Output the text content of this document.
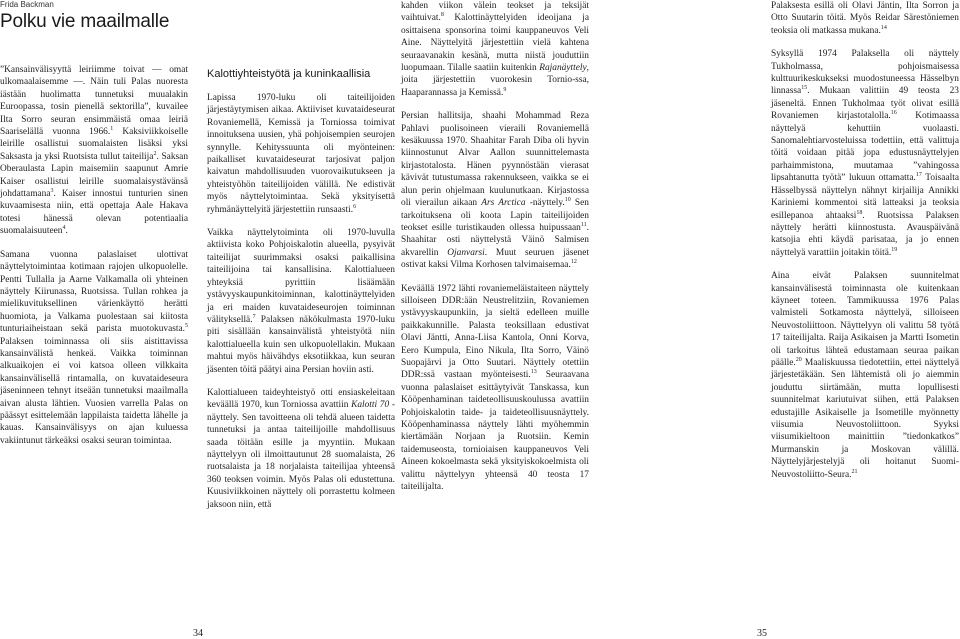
Frida Backman
Polku vie maailmalle

”Kansainvälisyyttä leiriimme toivat ― omat ulkomaalaisemme ―. Näin tuli Palas nuoresta iästään huolimatta tunnetuksi muualakin Euroopassa, tosin pienellä sektorilla”, kuvailee Ilta Sorro seuran ensimmäistä omaa leiriä Saariselällä vuonna 1966.$^1$ Kaksiviikkoiselle leirille osallistui suomalaisten lisäksi yksi Saksasta ja yksi Ruotsista tullut taiteilija$^2$. Saksan Oberaulasta Lapin maisemiin saapunut Amrie Kaiser osallistui leirille suomalaisystävänsä johdattamana$^3$. Kaiser innostui tunturien sinen kuvaamisesta niin, että opettaja Aale Hakava totesi hänessä olevan potentiaalia suomalaisuuteen$^4$.

Samana vuonna palaslaiset ulottivat näyttelytoimintaa kotimaan rajojen ulkopuolelle. Pentti Tullalla ja Aarne Valkamalla oli yhteinen näyttely Kiirunassa, Ruotsissa. Tullan rohkea ja mielikuvituksellinen värienkäyttö herätti huomiota, ja Valkama puolestaan sai kiitosta tunturiaiheistaan sekä parista muotokuvasta.$^5$ Palaksen toiminnassa oli siis aistittavissa kansainvälistä henkeä. Vaikka toiminnan alkuaikojen ei voi katsoa olleen vilkkaita kansainvälisellä rintamalla, on kuvataideseura jäseninneen tehnyt itseään tunnetuksi maailmalla aivan alusta lähtien. Vuosien varrella Palas on päässyt esittelemään lappilaista taidetta lähelle ja kauas. Kansainvälisyys on ajan kuluessa vakiintunut tärkeäksi osaksi seuran toimintaa.

Kalottiyhteistyötä ja kuninkaallisia

Lapissa 1970-luku oli taiteilijoiden järjestäytymisen aikaa. Aktiiviset kuvataideseurat Rovaniemellä, Kemissä ja Torniossa toimivat innoituksena uusien, yhä pohjoisempien seurojen synnylle. Kehityssuunta oli myönteinen: paikalliset kuvataideseurat tarjosivat paljon kaivatun mahdollisuuden vuorovaikutukseen ja yhteistyöhön taiteilijoiden välillä. Ne edistivät myös näyttelytoimintaa. Sekä yksityisettä ryhmänäyttelyitä järjestettiin runsaasti.$^6$

Vaikka näyttelytoiminta oli 1970-luvulla aktiivista koko Pohjoiskalotin alueella, pysyivät taiteilijat suurimmaksi osaksi paikallisina taiteilijoina tai kansallisina. Kalottialueen yhteyksiä pyrittiin lisäämään ystävyyskaupunkitoiminnan, kalottinäyttelyiden ja eri maiden kuvataideseurojen toiminnan välityksellä.$^7$ Palaksen näkökulmasta 1970-luku piti sisällään kansainvälistä yhteistyötä niin kalottialueella kuin sen ulkopuolellakin. Mukaan mahtui myös häivähdys eksotiikkaa, kun seuran jäsenten töitä päätyi aina Persian hoviin asti.

Kalottialueen taideyhteistyö otti ensiaskeleitaan keväällä 1970, kun Torniossa avattiin Kalotti 70 -näyttely. Sen tavoitteena oli tehdä alueen taidetta tunnetuksi ja antaa taiteilijoille mahdollisuus saada töitään esille ja myyntiin. Mukaan näyttelyyn oli ilmoittautunut 28 suomalaista, 26 ruotsalaista ja 18 norjalaista taiteilijaa yhteensä 360 teoksen voimin. Myös Palas oli edustettuna. Kuusiviikkoinen näyttely oli porrastettu kolmeen jaksoon niin, että

kahden viikon välein teokset ja teksijät vaihtuivat.$^8$ Kalottinäyttelyiden ideoijana ja osittaisena sponsorina toimi kauppaneuvos Veli Aine. Näyttelyitä järjestettiin vielä kahtena seuraavanakin kesänä, mutta niistä jouduttiin luopumaan. Tilalle saatiin kuitenkin Rajanäyttely, joita järjestettiin vuorokesin Tornio-ssa, Haaparannassa ja Kemissä.$^9$

Persian hallitsija, shaahi Mohammad Reza Pahlavi puolisoineen vieraili Rovaniemellä kesäkuussa 1970. Shaahitar Farah Diba oli hyvin kiinnostunut Alvar Aallon suunnittelemasta kirjastotalosta. Hänen pyynnöstään vierasat kävivät tutustumassa rakennukseen, vaikka se ei alun perin ohjelmaan kuulunutkaan. Kirjastossa oli vierailun aikaan Ars Arctica -näyttely.$^{10}$ Sen tarkoituksena oli koota Lapin taiteilijoiden teokset esille turistikauden ollessa huipussaan$^{11}$. Shaahitar osti näyttelystä Väinö Salmisen akvarellin Ojanvarsi. Muut seuruen jäsenet ostivat kaksi Vilma Korhosen talvimaisemaa.$^{12}$

Keväällä 1972 lähti rovaniemeläistaiteen näyttely silloiseen DDR:ään Neustrelitziin, Rovaniemen ystävyyskaupunkiin, ja sieltä edelleen muille paikkakunnille. Palasta teoksillaan edustivat Olavi Jäntti, Anna-Liisa Kantola, Onni Korva, Eero Kumpula, Eino Nikula, Ilta Sorro, Väinö Suopajärvi ja Otto Suutari. Näyttely otettiin DDR:ssä vastaan myönteisesti.$^{13}$ Seuraavana vuonna palaslaiset esittäytyivät Tanskassa, kun Kööpenhaminan taideteollisuuskoulussa avattiin Pohjoiskalotin taide- ja taideteollisuusnäyttely. Kööpenhaminassa näyttely lähti myöhemmin kiertämään Norjaan ja Ruotsiin. Kemin taidemuseosta, tornioiaisen kauppaneuvos Veli Aineen kokoelmasta sekä yksityiskokoelmista oli valittu näyttelyyn yhteensä 40 teosta 17 taiteilijalta.

Palaksesta esillä oli Olavi Jäntin, Ilta Sorron ja Otto Suutarin töitä. Myös Reidar Särestöniemen teoksia oli matkassa mukana.$^{14}$

Syksyllä 1974 Palaksella oli näyttely Tukholmassa, pohjoismaisessa kulttuurikeskukseksi muodostuneessa Hässelbyn linnassa$^{15}$. Mukaan valittiin 49 teosta 23 jäseneltä. Ennen Tukholmaa työt olivat esillä Rovaniemen kirjastotalolla.$^{16}$ Kotimaassa näyttelyä kehuttiin vuolaasti. Sanomalehtiarvosteluissa todettiin, että valittuja töitä voidaan pitää jopa edustusnäyttelyjen parhaimmistona, muutamaa ”vahingossa lipsahtanutta työtä” lukuun ottamatta.$^{17}$ Toisaalta Hässelbyssä näyttelyn nähnyt kirjailija Annikki Kariniemi kommentoi sitä latteaksi ja teoksia esillepanoa ahtaaksi$^{18}$. Ruotsissa Palaksen näyttely herätti kiinnostusta. Avauspäivänä katsojia ehti käydä parisataa, ja jo ennen näyttelyä varattiin joitakin töitä.$^{19}$

Aina eivät Palaksen suunnitelmat kansainvälisestä toiminnasta ole kuitenkaan käyneet toteen. Tammikuussa 1976 Palas valmisteli Sotkamosta näyttelyä, silloiseen Neuvostoliittoon. Näyttelyyn oli valittu 58 työtä 17 taiteilijalta. Raija Asikaisen ja Martti Isometin oli tarkoitus lähteä edustamaan seuraa paikan päälle.$^{20}$ Maaliskuussa tiedotettiin, ettei näyttelyä järjestetäkään. Sen lähtemistä oli jo aiemmin jouduttu siirtämään, mutta lopullisesti suunnitelmat kariutuivat siihen, että Palaksen edustajille Asikaiselle ja Isometille myönnetty viisumia Neuvostoliittoon. Syyksi viisumikieltoon mainittiin ”tiedonkatkos” Murmanskin ja Moskovan välillä. Näyttelyjärjestelyjä oli hoitanut Suomi-Neuvostoliitto-Seura.$^{21}$

34	35
